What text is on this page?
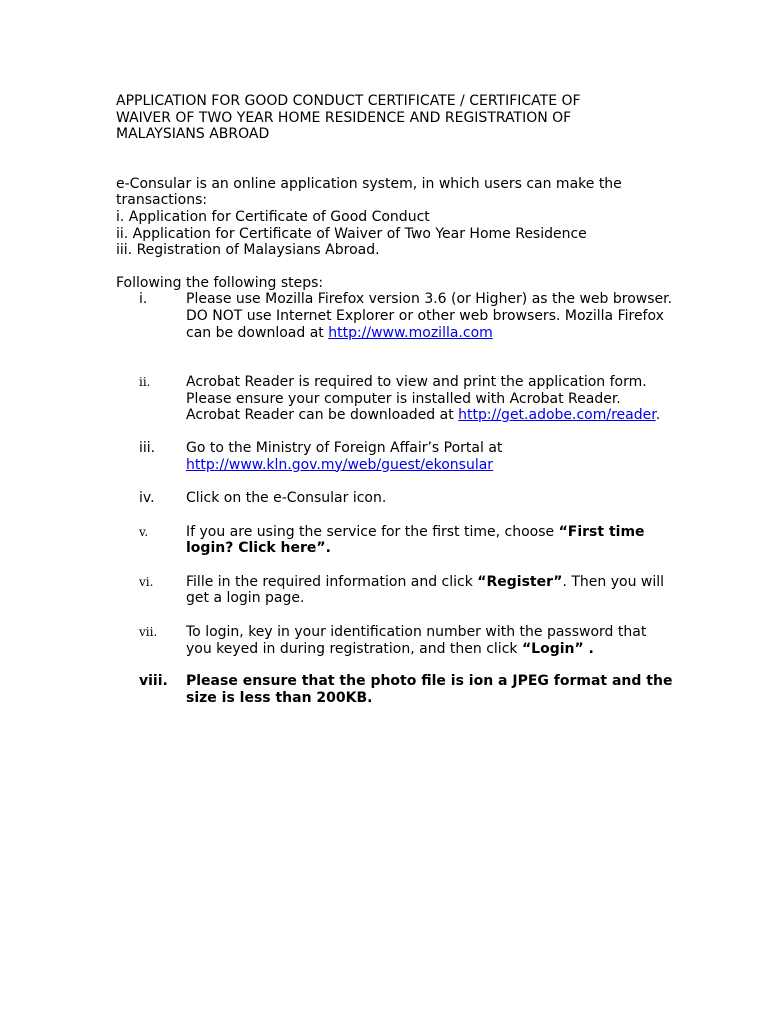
APPLICATION FOR GOOD CONDUCT CERTIFICATE / CERTIFICATE OF
WAIVER OF TWO YEAR HOME RESIDENCE AND REGISTRATION OF
MALAYSIANS ABROAD
e-Consular is an online application system, in which users can make the
transactions:
i. Application for Certificate of Good Conduct
ii. Application for Certificate of Waiver of Two Year Home Residence
iii. Registration of Malaysians Abroad.
Following the following steps:
i.	Please use Mozilla Firefox version 3.6 (or Higher) as the web browser. DO NOT use Internet Explorer or other web browsers. Mozilla Firefox can be download at http://www.mozilla.com
ii.	Acrobat Reader is required to view and print the application form. Please ensure your computer is installed with Acrobat Reader. Acrobat Reader can be downloaded at http://get.adobe.com/reader.
iii. Go to the Ministry of Foreign Affair’s Portal at http://www.kln.gov.my/web/guest/ekonsular
iv. Click on the e-Consular icon.
v.	If you are using the service for the first time, choose “First time login? Click here”.
vi. Fille in the required information and click “Register”. Then you will get a login page.
vii. To login, key in your identification number with the password that you keyed in during registration, and then click “Login” .
viii. Please ensure that the photo file is ion a JPEG format and the size is less than 200KB.
